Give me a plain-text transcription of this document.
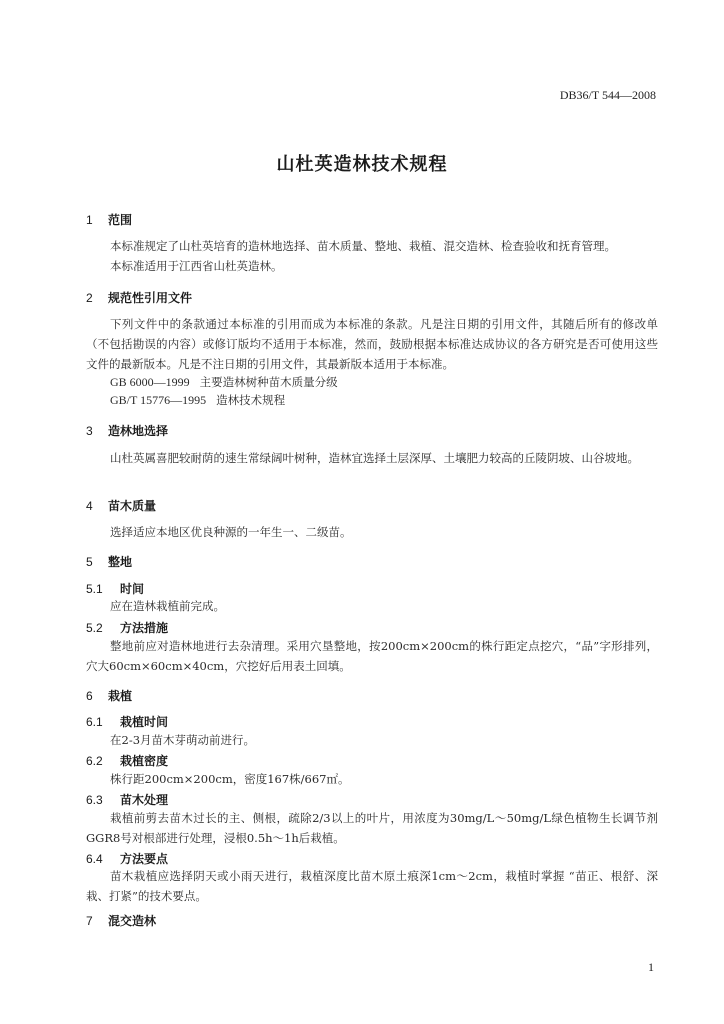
DB36/T 544—2008
山杜英造林技术规程
1 范围
本标准规定了山杜英培育的造林地选择、苗木质量、整地、栽植、混交造林、检查验收和抚育管理。
本标准适用于江西省山杜英造林。
2 规范性引用文件
下列文件中的条款通过本标准的引用而成为本标准的条款。凡是注日期的引用文件，其随后所有的修改单（不包括勘误的内容）或修订版均不适用于本标准，然而，鼓励根据本标准达成协议的各方研究是否可使用这些文件的最新版本。凡是不注日期的引用文件，其最新版本适用于本标准。
GB 6000—1999 主要造林树种苗木质量分级
GB/T 15776—1995 造林技术规程
3 造林地选择
山杜英属喜肥较耐荫的速生常绿阔叶树种，造林宜选择土层深厚、土壤肥力较高的丘陵阴坡、山谷坡地。
4 苗木质量
选择适应本地区优良种源的一年生一、二级苗。
5 整地
5.1 时间
应在造林栽植前完成。
5.2 方法措施
整地前应对造林地进行去杂清理。采用穴垦整地，按200cm×200cm的株行距定点挖穴，“品”字形排列，穴大60cm×60cm×40cm，穴挖好后用表土回填。
6 栽植
6.1 栽植时间
在2-3月苗木芽萌动前进行。
6.2 栽植密度
株行距200cm×200cm，密度167株/667㎡。
6.3 苗木处理
栽植前剪去苗木过长的主、侧根，疏除2/3以上的叶片，用浓度为30mg/L～50mg/L绿色植物生长调节剂GGR8号对根部进行处理，浸根0.5h～1h后栽植。
6.4 方法要点
苗木栽植应选择阴天或小雨天进行，栽植深度比苗木原土痕深1cm～2cm，栽植时掌握 “苗正、根舒、深栽、打紧”的技术要点。
7 混交造林
1
